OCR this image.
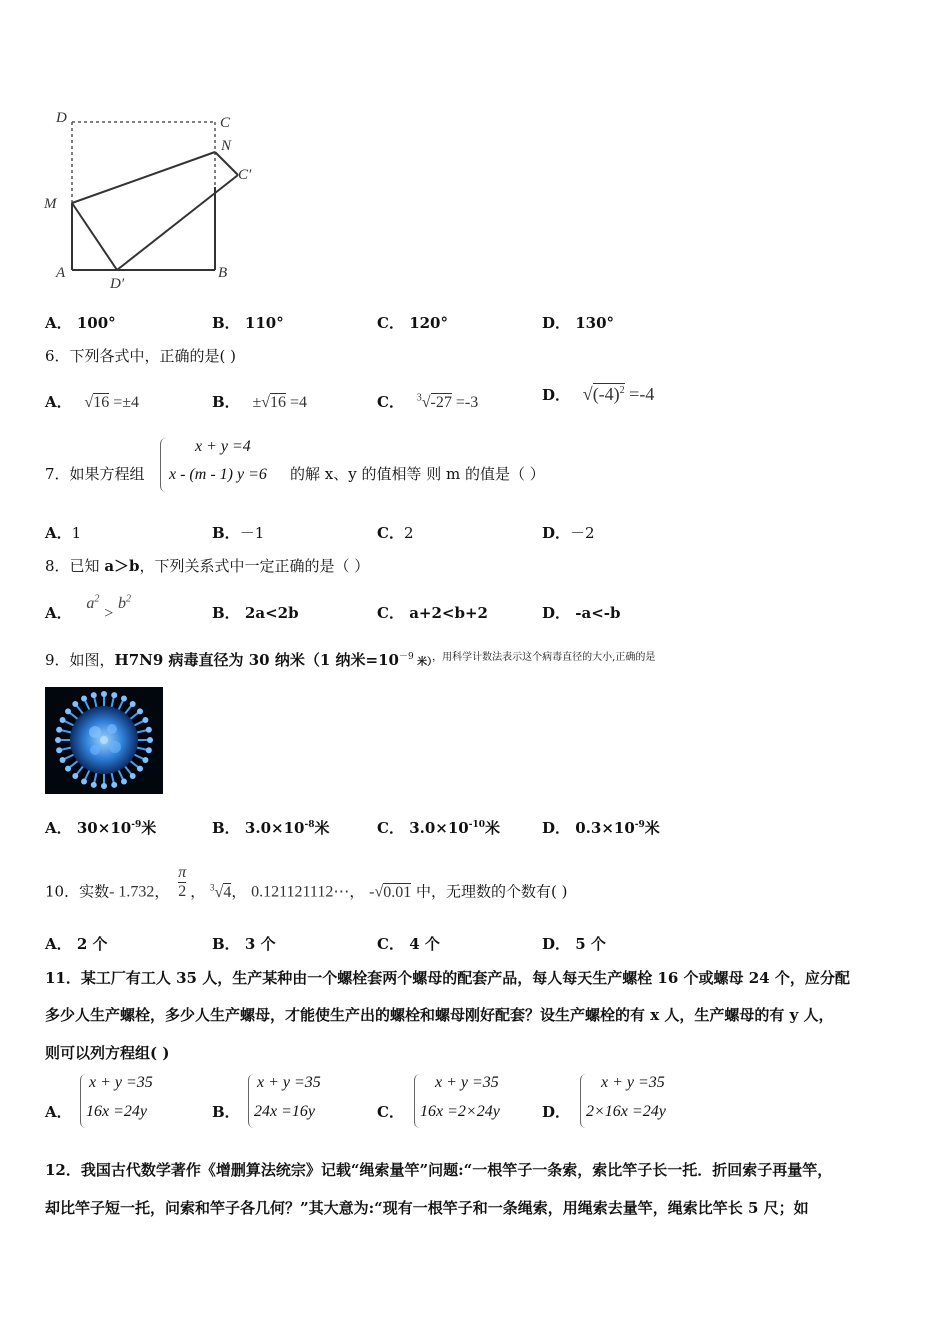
D	C
N
C′
M
A
D′
B
A． 100°	B． 110°	C． 120°	D． 130°
6．下列各式中，正确的是( )
A． √16 =±4	B． ±√16 =4	C． $^3$√-27 =-3	D． $√(-4)^2 =-4$
7．如果方程组
x + y =4
x - (m - 1) y =6 的解 x、y 的值相等 则 m 的值是（ ）
A．1	B．－1	C．2	D．－2
8．已知 a＞b，下列关系式中一定正确的是（ ）
A． $a^2 > b^2$
B． 2a<2b	C． a+2<b+2	D． -a<-b
9．如图，H7N9 病毒直径为 30 纳米（1 纳米$=10^{-9}$ 米）$^{,用科学计数法表示这个病毒直径的大小,正确的是}$
A． $30\times 10^{-9}$米	B． $3.0\times 10^{-8}$米	C． $3.0\times 10^{-10}$米	D． $0.3\times 10^{-9}$米
10．实数- 1.732， $\frac{\pi}{2}$ ， $^3$√4， 0.121121112⋯， -√0.01 中，无理数的个数有( )
A． 2 个	B． 3 个	C． 4 个	D． 5 个
11．某工厂有工人 35 人，生产某种由一个螺栓套两个螺母的配套产品，每人每天生产螺栓 16 个或螺母 24 个，应分配
多少人生产螺栓，多少人生产螺母，才能使生产出的螺栓和螺母刚好配套？设生产螺栓的有 x 人，生产螺母的有 y 人，
则可以列方程组( )
A．
x + y =35
16x =24y	B．
x + y =35
24x =16y	C．
x + y =35
16x =2×24y	D．
x + y =35
2×16x =24y
12．我国古代数学著作《增删算法统宗》记载“绳索量竿”问题:“一根竿子一条索，索比竿子长一托．折回索子再量竿，
却比竿子短一托，问索和竿子各几何？”其大意为:“现有一根竿子和一条绳索，用绳索去量竿，绳索比竿长 5 尺；如
